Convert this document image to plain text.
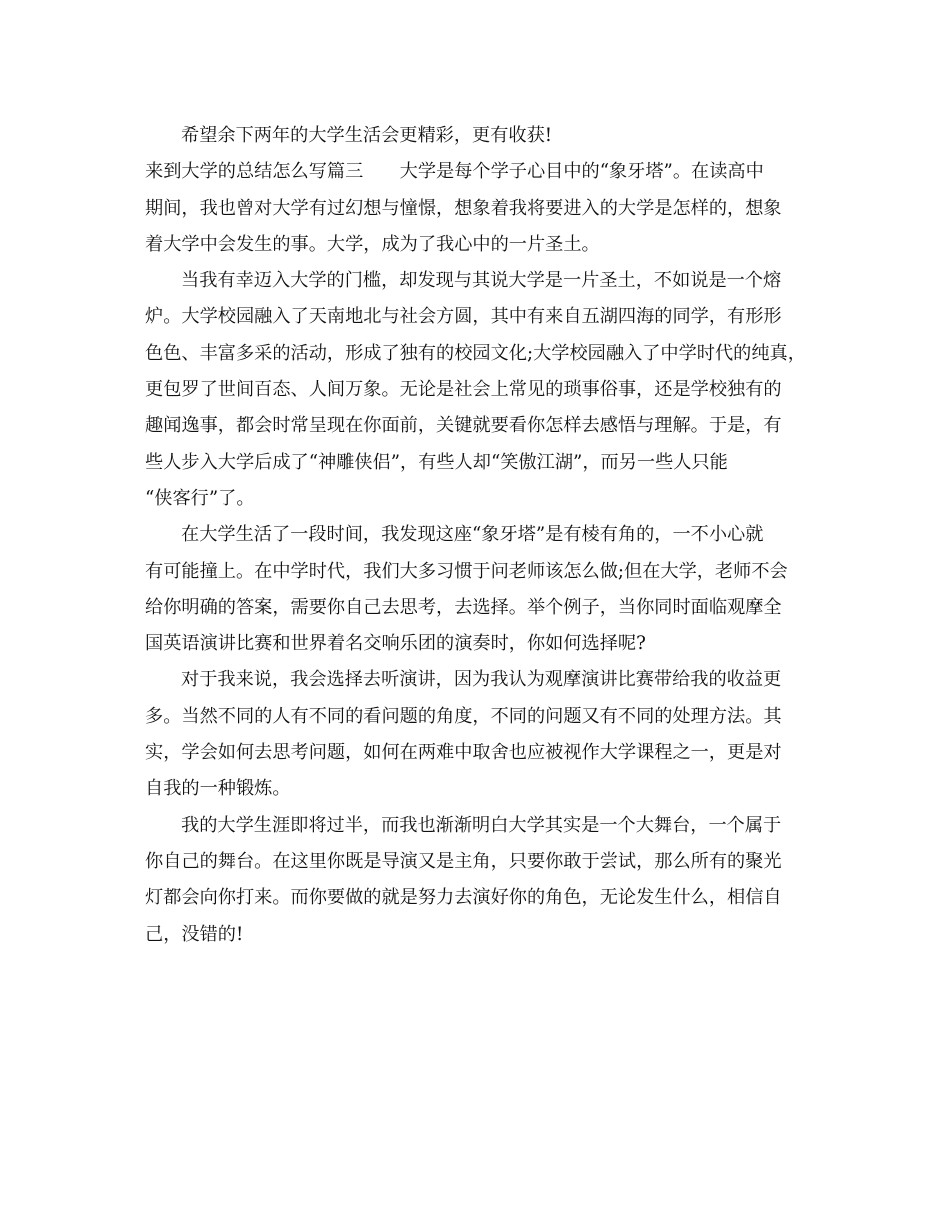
希望余下两年的大学生活会更精彩，更有收获!
来到大学的总结怎么写篇三　　大学是每个学子心目中的“象牙塔”。在读高中
期间，我也曾对大学有过幻想与憧憬，想象着我将要进入的大学是怎样的，想象
着大学中会发生的事。大学，成为了我心中的一片圣土。
当我有幸迈入大学的门槛，却发现与其说大学是一片圣土，不如说是一个熔
炉。大学校园融入了天南地北与社会方圆，其中有来自五湖四海的同学，有形形
色色、丰富多采的活动，形成了独有的校园文化;大学校园融入了中学时代的纯真，
更包罗了世间百态、人间万象。无论是社会上常见的琐事俗事，还是学校独有的
趣闻逸事，都会时常呈现在你面前，关键就要看你怎样去感悟与理解。于是，有
些人步入大学后成了“神雕侠侣”，有些人却“笑傲江湖”，而另一些人只能
“侠客行”了。
在大学生活了一段时间，我发现这座“象牙塔”是有棱有角的，一不小心就
有可能撞上。在中学时代，我们大多习惯于问老师该怎么做;但在大学，老师不会
给你明确的答案，需要你自己去思考，去选择。举个例子，当你同时面临观摩全
国英语演讲比赛和世界着名交响乐团的演奏时，你如何选择呢?
对于我来说，我会选择去听演讲，因为我认为观摩演讲比赛带给我的收益更
多。当然不同的人有不同的看问题的角度，不同的问题又有不同的处理方法。其
实，学会如何去思考问题，如何在两难中取舍也应被视作大学课程之一，更是对
自我的一种锻炼。
我的大学生涯即将过半，而我也渐渐明白大学其实是一个大舞台，一个属于
你自己的舞台。在这里你既是导演又是主角，只要你敢于尝试，那么所有的聚光
灯都会向你打来。而你要做的就是努力去演好你的角色，无论发生什么，相信自
己，没错的!
